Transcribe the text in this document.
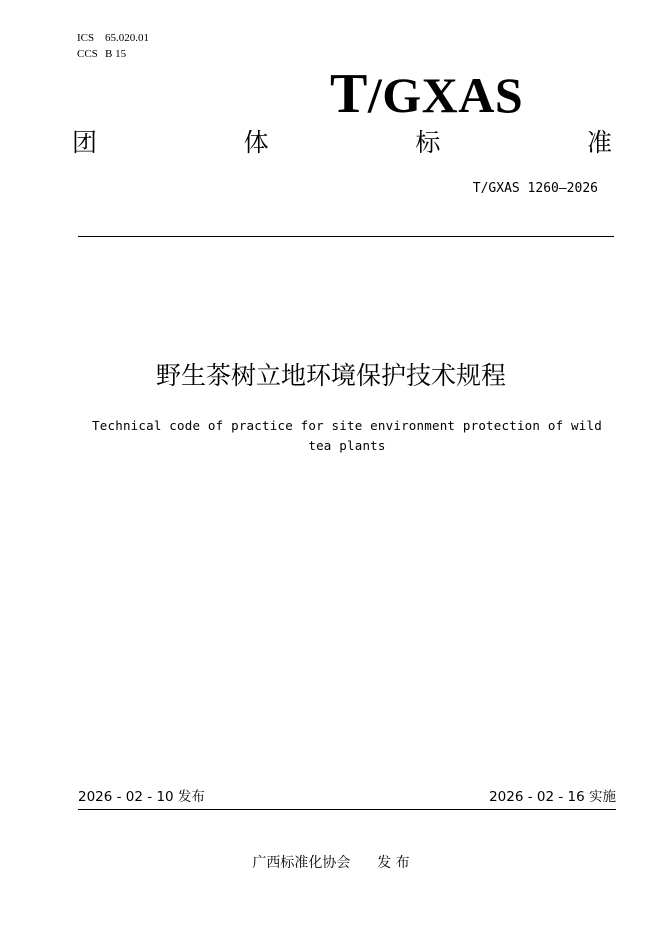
ICS 65.020.01
CCS B 15
T/GXAS
团	体	标	准
T/GXAS 1260—2026
野生茶树立地环境保护技术规程
Technical code of practice for site environment protection of wild tea plants
2026 - 02 - 10 发布	2026 - 02 - 16 实施
广西标准化协会 发 布
